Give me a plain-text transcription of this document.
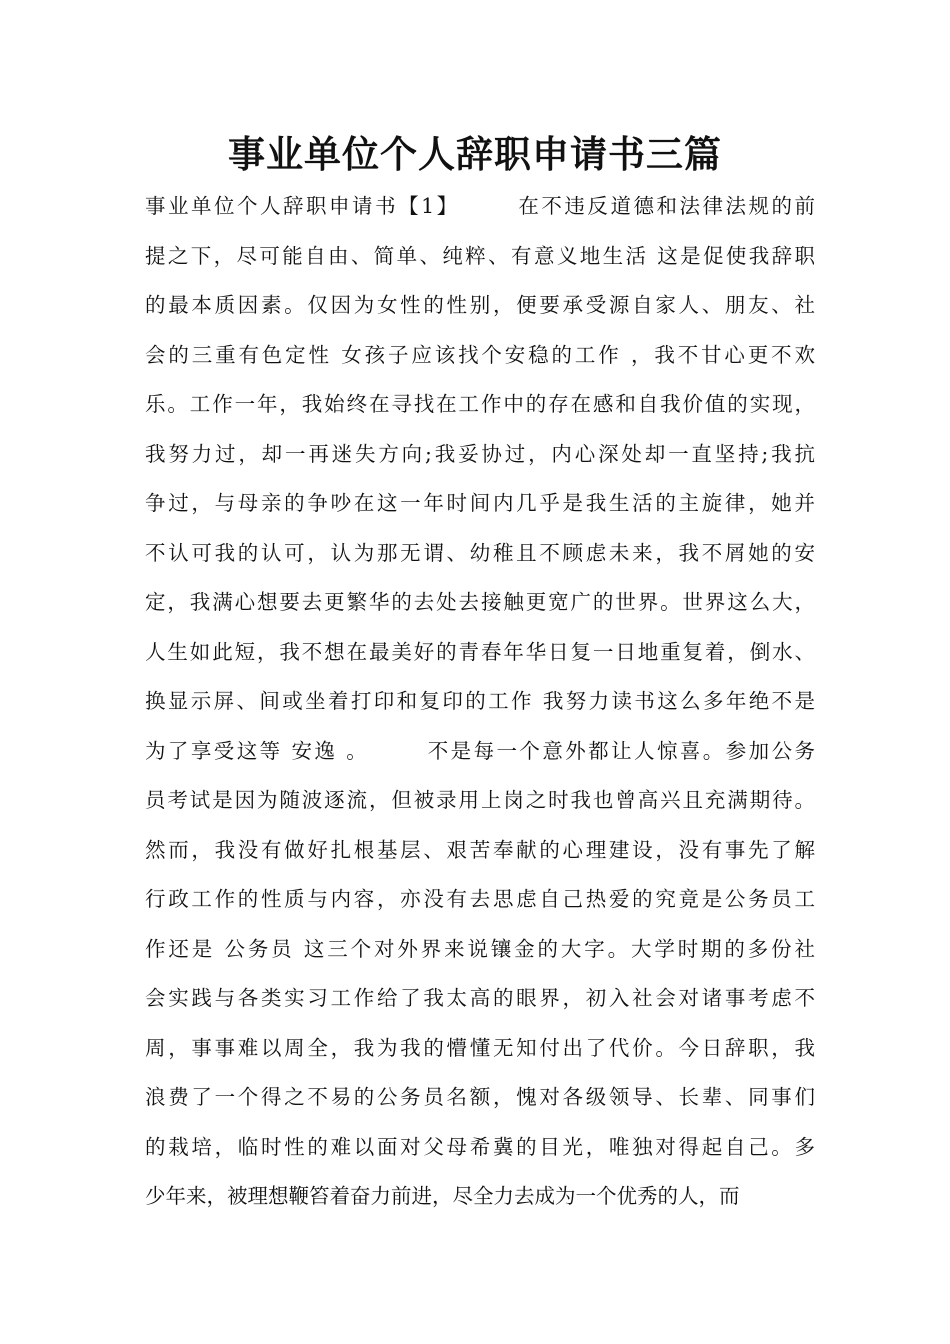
事业单位个人辞职申请书三篇
事业单位个人辞职申请书【1】　　　在不违反道德和法律法规的前
提之下，尽可能自由、简单、纯粹、有意义地生活 这是促使我辞职
的最本质因素。仅因为女性的性别，便要承受源自家人、朋友、社
会的三重有色定性 女孩子应该找个安稳的工作 ，我不甘心更不欢
乐。工作一年，我始终在寻找在工作中的存在感和自我价值的实现，
我努力过，却一再迷失方向;我妥协过，内心深处却一直坚持;我抗
争过，与母亲的争吵在这一年时间内几乎是我生活的主旋律，她并
不认可我的认可，认为那无谓、幼稚且不顾虑未来，我不屑她的安
定，我满心想要去更繁华的去处去接触更宽广的世界。世界这么大，
人生如此短，我不想在最美好的青春年华日复一日地重复着，倒水、
换显示屏、间或坐着打印和复印的工作 我努力读书这么多年绝不是
为了享受这等 安逸 。　　　不是每一个意外都让人惊喜。参加公务
员考试是因为随波逐流，但被录用上岗之时我也曾高兴且充满期待。
然而，我没有做好扎根基层、艰苦奉献的心理建设，没有事先了解
行政工作的性质与内容，亦没有去思虑自己热爱的究竟是公务员工
作还是 公务员 这三个对外界来说镶金的大字。大学时期的多份社
会实践与各类实习工作给了我太高的眼界，初入社会对诸事考虑不
周，事事难以周全，我为我的懵懂无知付出了代价。今日辞职，我
浪费了一个得之不易的公务员名额，愧对各级领导、长辈、同事们
的栽培，临时性的难以面对父母希冀的目光，唯独对得起自己。多
少年来，被理想鞭笞着奋力前进，尽全力去成为一个优秀的人，而
